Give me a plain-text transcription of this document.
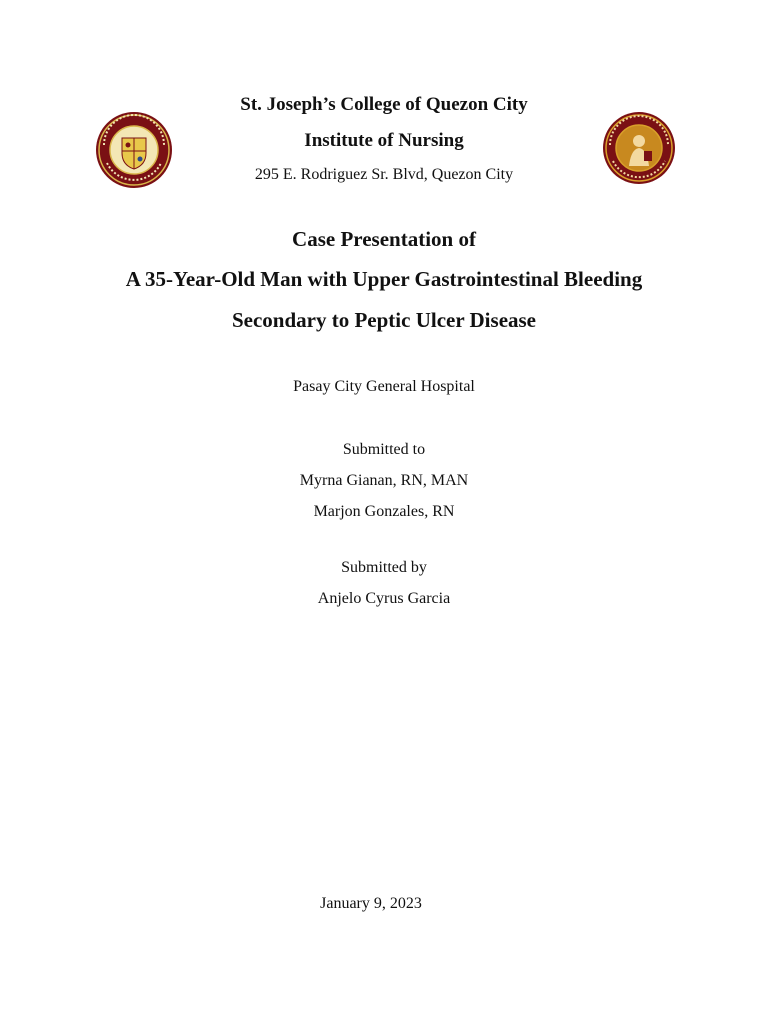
St. Joseph’s College of Quezon City
Institute of Nursing
295 E. Rodriguez Sr. Blvd, Quezon City
Case Presentation of
A 35-Year-Old Man with Upper Gastrointestinal Bleeding
Secondary to Peptic Ulcer Disease
Pasay City General Hospital
Submitted to
Myrna Gianan, RN, MAN
Marjon Gonzales, RN
Submitted by
Anjelo Cyrus Garcia
January 9, 2023
